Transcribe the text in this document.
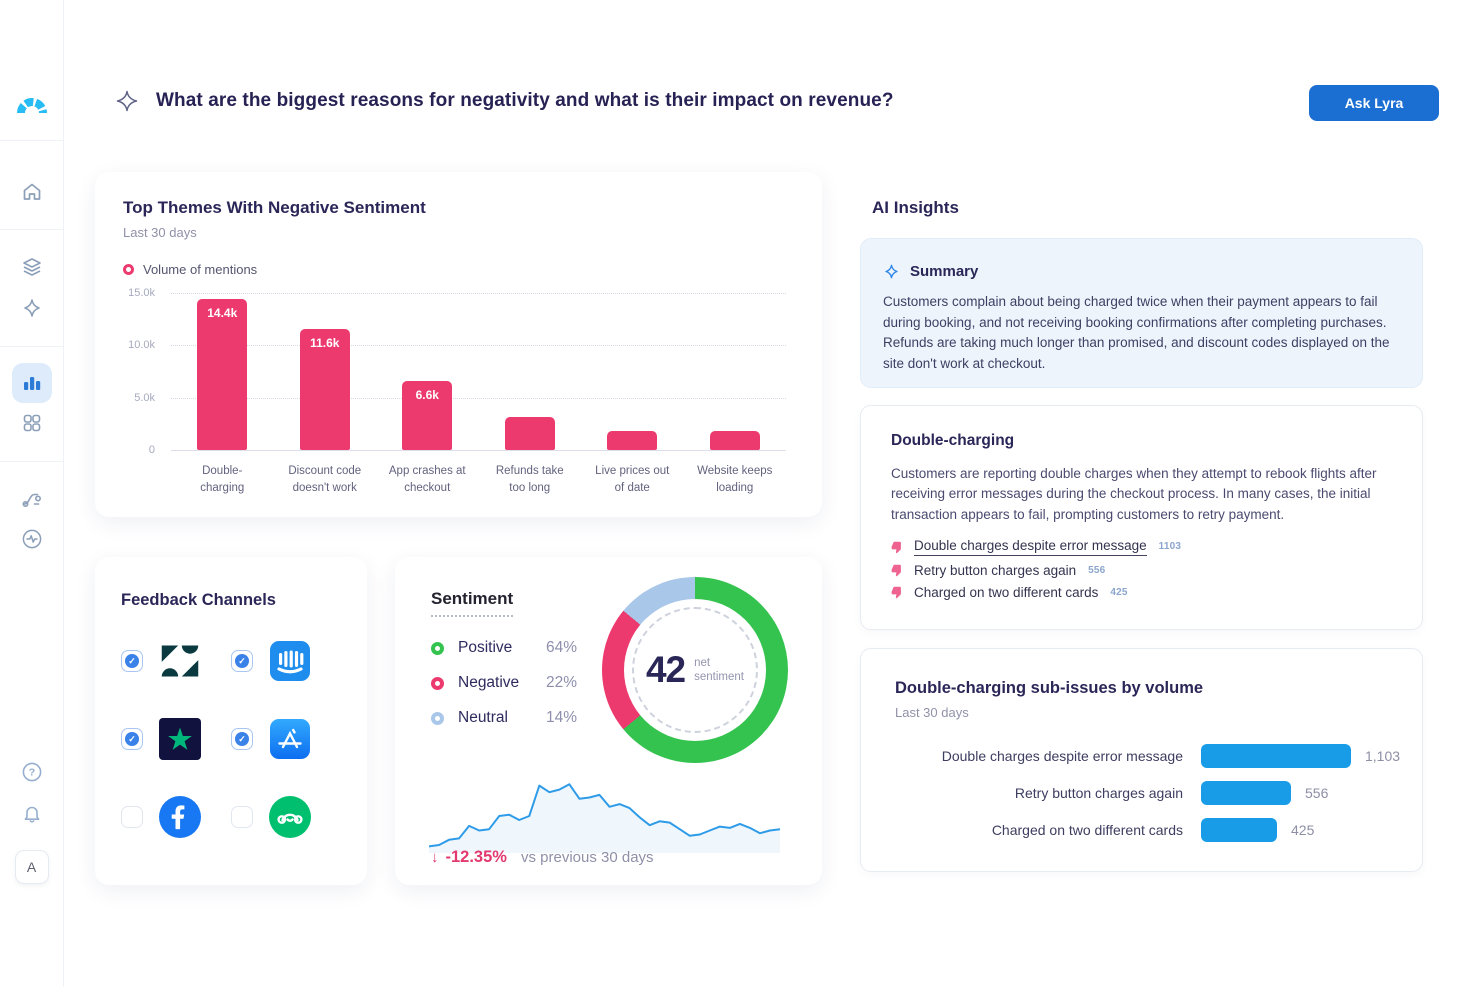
?
A
What are the biggest reasons for negativity and what is their impact on revenue?	Ask Lyra
Top Themes With Negative Sentiment
Last 30 days
Volume of mentions
15.0k
10.0k
5.0k
0
14.4k
11.6k
6.6k
Double-
charging
Discount code
doesn't work
App crashes at
checkout
Refunds take
too long
Live prices out
of date
Website keeps
loading
Feedback Channels
✓	✓
✓	✓
Sentiment
Positive	64%
Negative	22%
Neutral	14%
42 net
sentiment
↓ -12.35% vs previous 30 days
AI Insights
Summary

Customers complain about being charged twice when their payment appears to fail during booking, and not receiving booking confirmations after completing purchases. Refunds are taking much longer than promised, and discount codes displayed on the site don't work at checkout.

Double-charging

Customers are reporting double charges when they attempt to rebook flights after receiving error messages during the checkout process. In many cases, the initial transaction appears to fail, prompting customers to retry payment.

Double charges despite error message 1103
Retry button charges again 556
Charged on two different cards 425
Double-charging sub-issues by volume
Last 30 days
Double charges despite error message	1,103
Retry button charges again	556
Charged on two different cards	425
